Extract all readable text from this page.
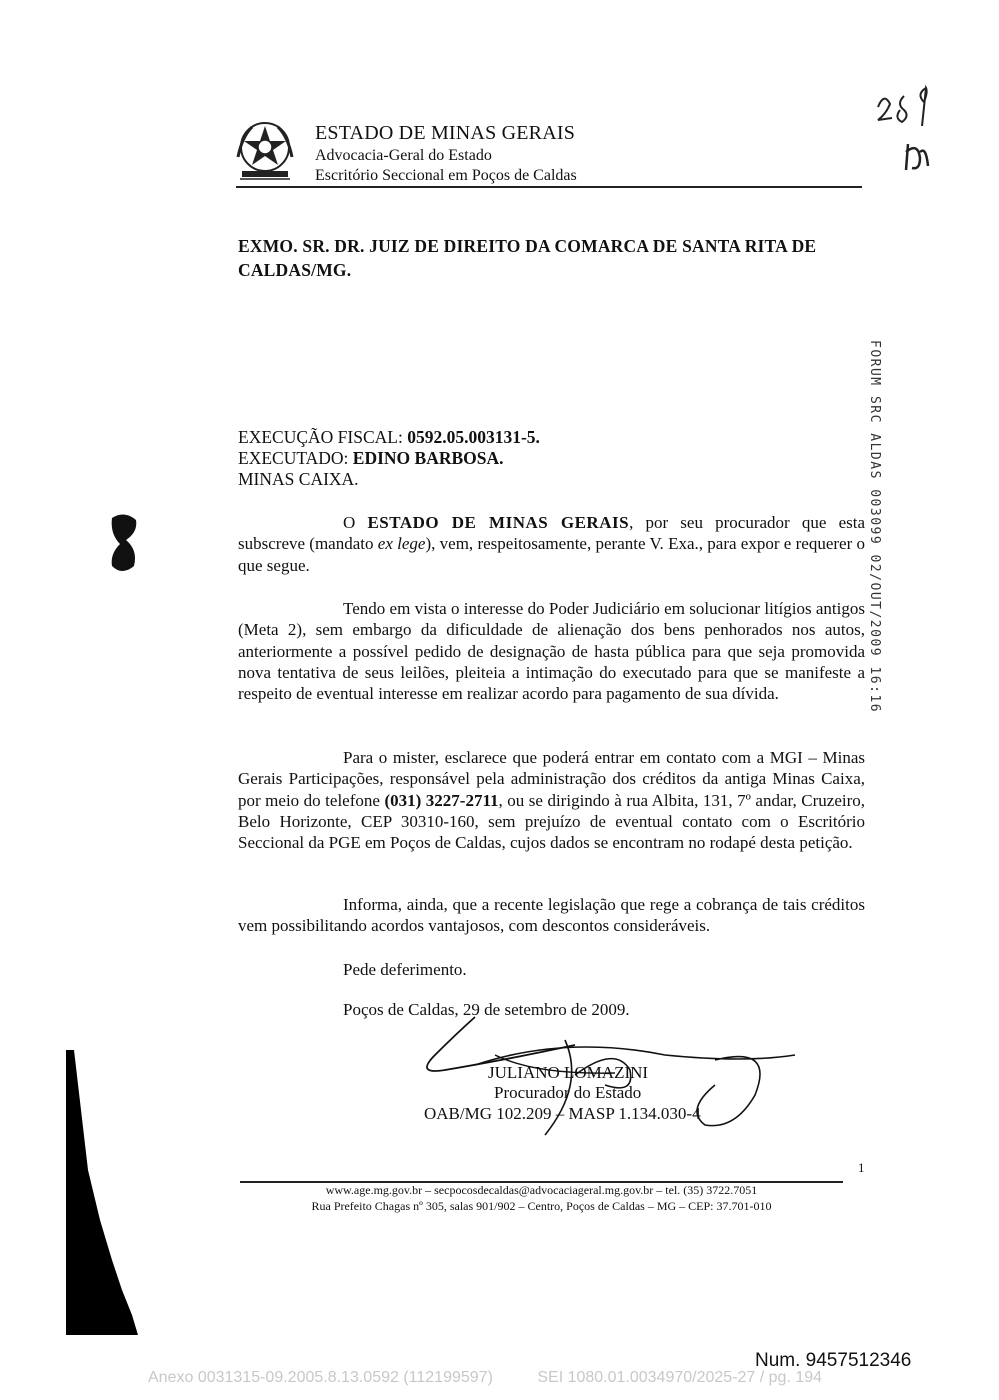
ESTADO DE MINAS GERAIS
Advocacia-Geral do Estado
Escritório Seccional em Poços de Caldas
EXMO. SR. DR. JUIZ DE DIREITO DA COMARCA DE SANTA RITA DE CALDAS/MG.
EXECUÇÃO FISCAL: 0592.05.003131-5.
EXECUTADO: EDINO BARBOSA.
MINAS CAIXA.
O ESTADO DE MINAS GERAIS, por seu procurador que esta subscreve (mandato ex lege), vem, respeitosamente, perante V. Exa., para expor e requerer o que segue.
Tendo em vista o interesse do Poder Judiciário em solucionar litígios antigos (Meta 2), sem embargo da dificuldade de alienação dos bens penhorados nos autos, anteriormente a possível pedido de designação de hasta pública para que seja promovida nova tentativa de seus leilões, pleiteia a intimação do executado para que se manifeste a respeito de eventual interesse em realizar acordo para pagamento de sua dívida.
Para o mister, esclarece que poderá entrar em contato com a MGI – Minas Gerais Participações, responsável pela administração dos créditos da antiga Minas Caixa, por meio do telefone (031) 3227-2711, ou se dirigindo à rua Albita, 131, 7º andar, Cruzeiro, Belo Horizonte, CEP 30310-160, sem prejuízo de eventual contato com o Escritório Seccional da PGE em Poços de Caldas, cujos dados se encontram no rodapé desta petição.
Informa, ainda, que a recente legislação que rege a cobrança de tais créditos vem possibilitando acordos vantajosos, com descontos consideráveis.
Pede deferimento.
Poços de Caldas, 29 de setembro de 2009.
JULIANO LOMAZINI
Procurador do Estado
OAB/MG 102.209 – MASP 1.134.030-4
FORUM SRC ALDAS 003099 02/OUT/2009 16:16
1
www.age.mg.gov.br – secpocosdecaldas@advocaciageral.mg.gov.br – tel. (35) 3722.7051
Rua Prefeito Chagas nº 305, salas 901/902 – Centro, Poços de Caldas – MG – CEP: 37.701-010
Num. 9457512346
Anexo 0031315-09.2005.8.13.0592 (112199597)          SEI 1080.01.0034970/2025-27 / pg. 194
